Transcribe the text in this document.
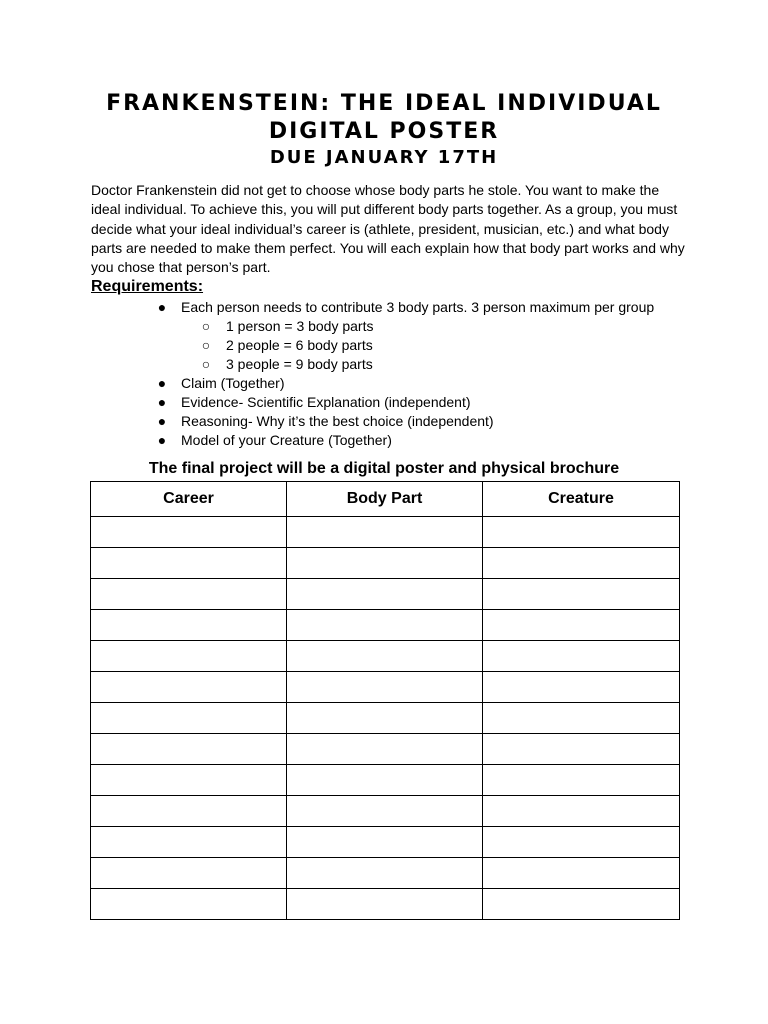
FRANKENSTEIN: THE IDEAL INDIVIDUAL

DIGITAL POSTER

DUE JANUARY 17TH

Doctor Frankenstein did not get to choose whose body parts he stole. You want to make the ideal individual. To achieve this, you will put different body parts together. As a group, you must decide what your ideal individual’s career is (athlete, president, musician, etc.) and what body parts are needed to make them perfect. You will each explain how that body part works and why you chose that person’s part.

Requirements:

● Each person needs to contribute 3 body parts. 3 person maximum per group
○ 1 person = 3 body parts
○ 2 people = 6 body parts
○ 3 people = 9 body parts
● Claim (Together)
● Evidence- Scientific Explanation (independent)
● Reasoning- Why it’s the best choice (independent)
● Model of your Creature (Together)

The final project will be a digital poster and physical brochure

Career	Body Part	Creature
